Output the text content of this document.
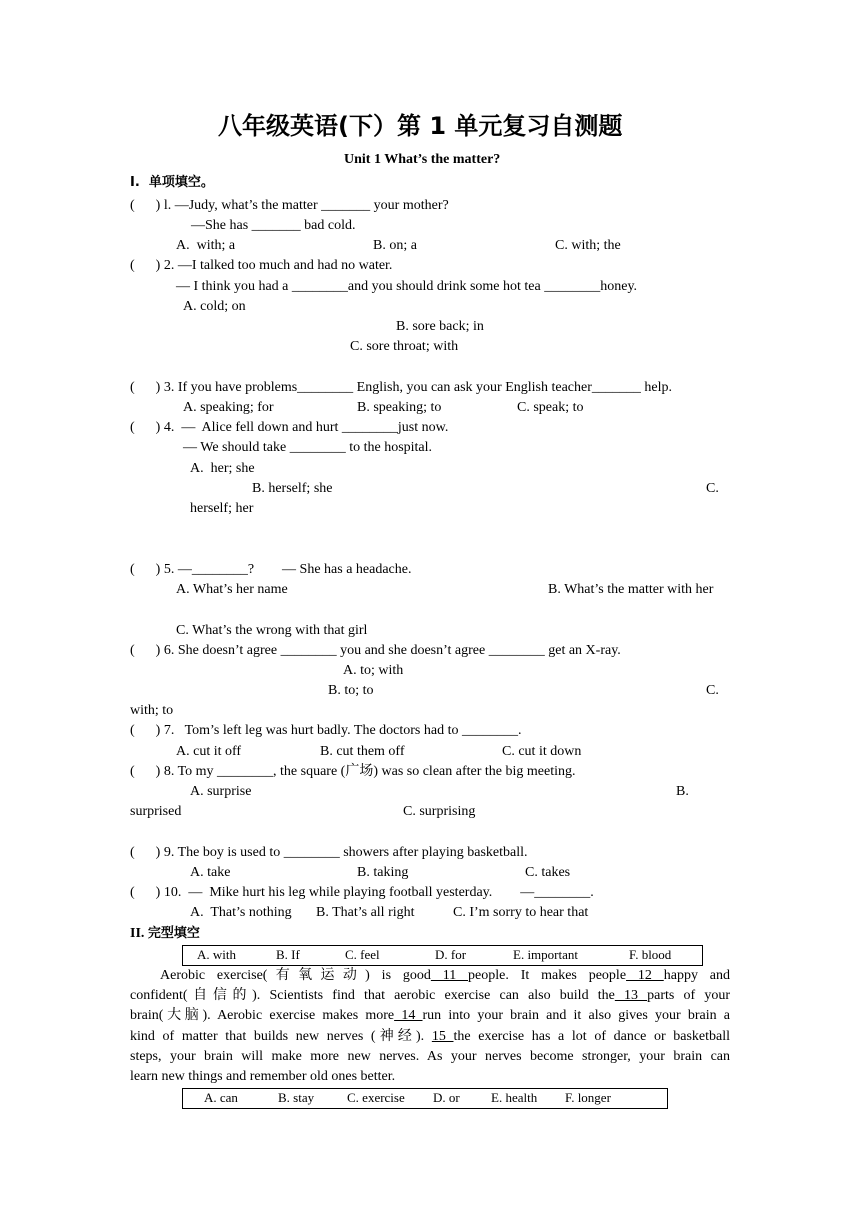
八年级英语(下）第 1 单元复习自测题
Unit 1 What’s the matter?
I.  单项填空。
(      ) l. —Judy, what’s the matter _______ your mother?
—She has _______ bad cold.
A.  with; a	B. on; a	C. with; the
(      ) 2. —I talked too much and had no water.
— I think you had a ________and you should drink some hot tea ________honey.
A. cold; on
B. sore back; in
C. sore throat; with
(      ) 3. If you have problems________ English, you can ask your English teacher_______ help.
A. speaking; for	B. speaking; to	C. speak; to
(      ) 4.  —  Alice fell down and hurt ________just now.
— We should take ________ to the hospital.
A.  her; she
B. herself; she	C.
herself; her
(      ) 5. —________?        — She has a headache.
A. What’s her name	B. What’s the matter with her
C. What’s the wrong with that girl
(      ) 6. She doesn’t agree ________ you and she doesn’t agree ________ get an X-ray.
A. to; with
B. to; to	C.
with; to
(      ) 7.   Tom’s left leg was hurt badly. The doctors had to ________.
A. cut it off	B. cut them off	C. cut it down
(      ) 8. To my ________, the square (广场) was so clean after the big meeting.
A. surprise	B.
surprised	C. surprising
(      ) 9. The boy is used to ________ showers after playing basketball.
A. take	B. taking	C. takes
(      ) 10.  —  Mike hurt his leg while playing football yesterday.        —________.
A.  That’s nothing B. That’s all right	C. I’m sorry to hear that
II. 完型填空
A. with	B. If	C. feel	D. for	E. important	F. blood
Aerobic exercise(有氧运动) is good 11 people. It makes people 12 happy and
confident(自信的). Scientists find that aerobic exercise can also build the 13 parts of your
brain(大脑). Aerobic exercise makes more 14 run into your brain and it also gives your brain a
kind of matter that builds new nerves (神经). 15 the exercise has a lot of dance or basketball
steps, your brain will make more new nerves. As your nerves become stronger, your brain can
learn new things and remember old ones better.
A. can	B. stay	C. exercise D. or E. health F. longer
